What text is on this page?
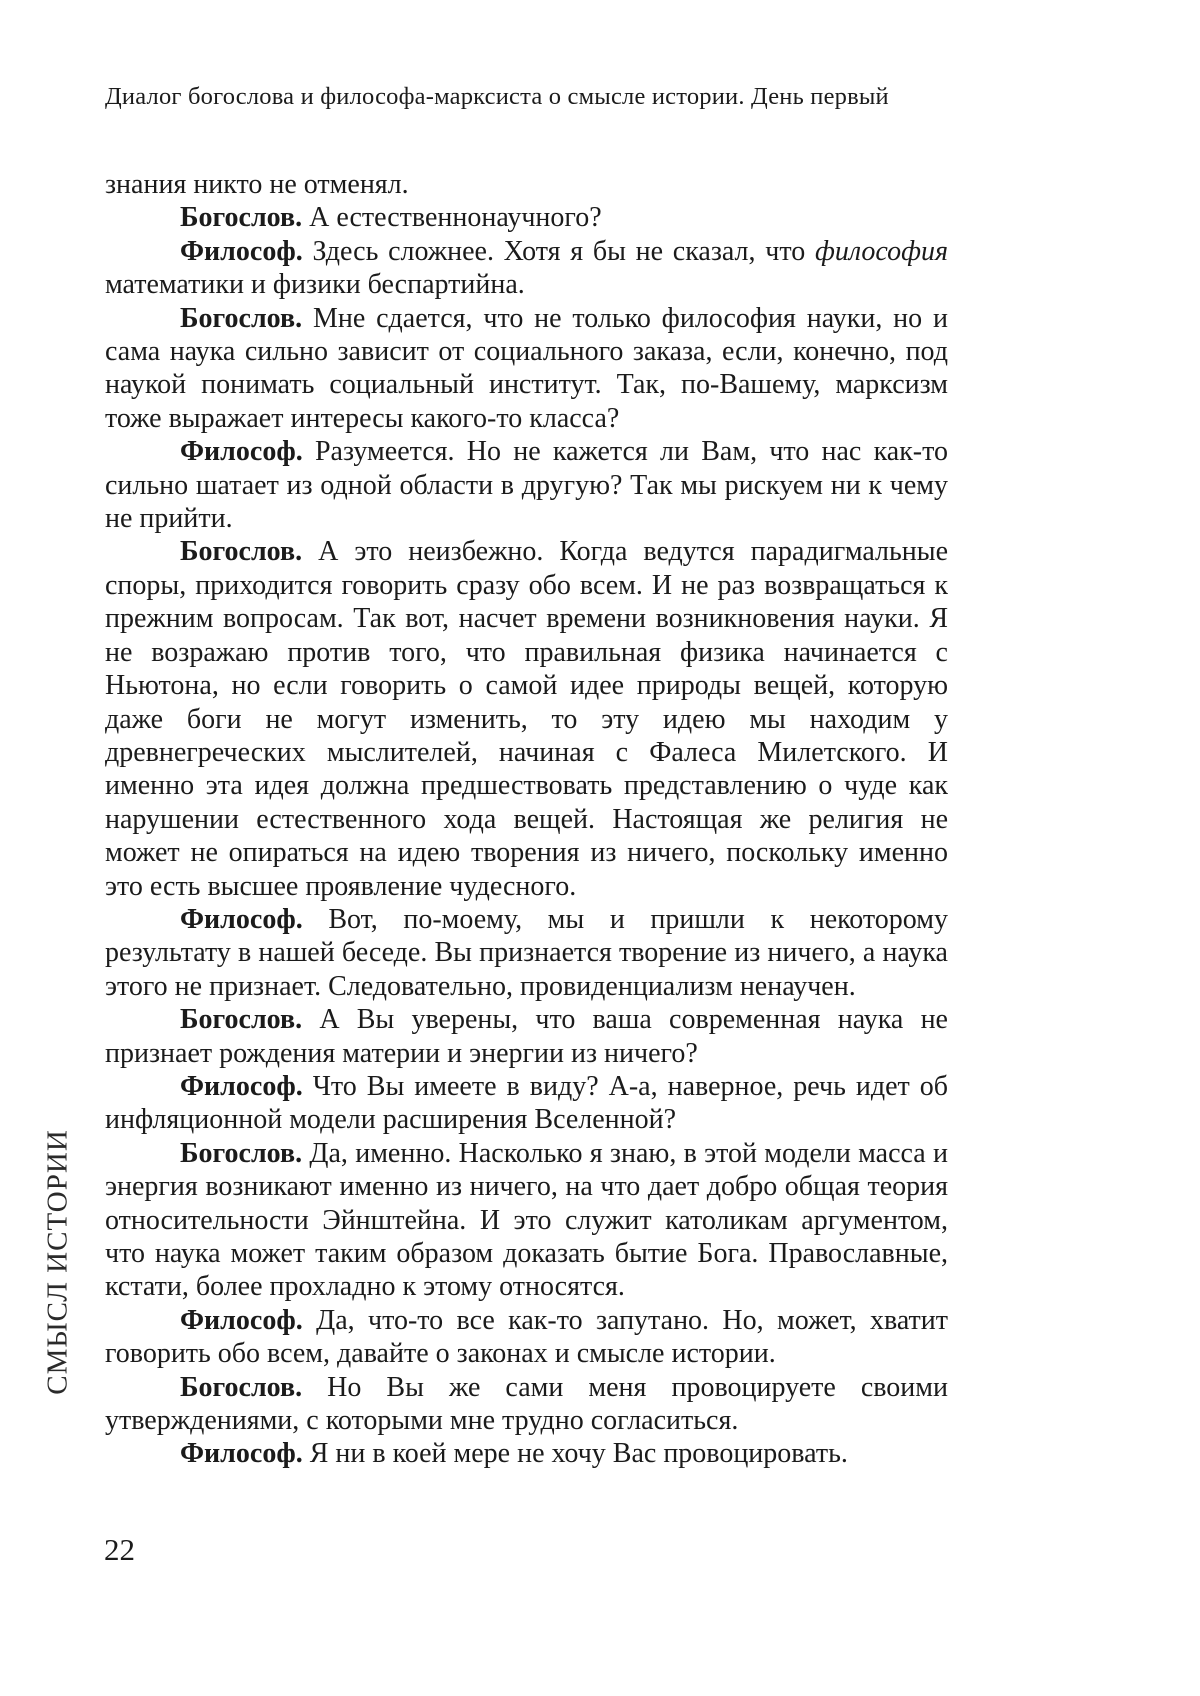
Диалог богослова и философа-марксиста о смысле истории. День первый
СМЫСЛ ИСТОРИИ

знания никто не отменял.

Богослов. А естественнонаучного?

Философ. Здесь сложнее. Хотя я бы не сказал, что философия математики и физики беспартийна.

Богослов. Мне сдается, что не только философия науки, но и сама наука сильно зависит от социального заказа, если, конечно, под наукой понимать социальный институт. Так, по-Вашему, марксизм тоже выражает интересы какого-то класса?

Философ. Разумеется. Но не кажется ли Вам, что нас как-то сильно шатает из одной области в другую? Так мы рискуем ни к чему не прийти.

Богослов. А это неизбежно. Когда ведутся парадигмальные споры, приходится говорить сразу обо всем. И не раз возвращаться к прежним вопросам. Так вот, насчет времени возникновения науки. Я не возражаю против того, что правильная физика начинается с Ньютона, но если говорить о самой идее природы вещей, которую даже боги не могут изменить, то эту идею мы находим у древнегреческих мыслителей, начиная с Фалеса Милетского. И именно эта идея должна предшествовать представлению о чуде как нарушении естественного хода вещей. Настоящая же религия не может не опираться на идею творения из ничего, поскольку именно это есть высшее проявление чудесного.

Философ. Вот, по-моему, мы и пришли к некоторому результату в нашей беседе. Вы признается творение из ничего, а наука этого не признает. Следовательно, провиденциализм ненаучен.

Богослов. А Вы уверены, что ваша современная наука не признает рождения материи и энергии из ничего?

Философ. Что Вы имеете в виду? А-а, наверное, речь идет об инфляционной модели расширения Вселенной?

Богослов. Да, именно. Насколько я знаю, в этой модели масса и энергия возникают именно из ничего, на что дает добро общая теория относительности Эйнштейна. И это служит католикам аргументом, что наука может таким образом доказать бытие Бога. Православные, кстати, более прохладно к этому относятся.

Философ. Да, что-то все как-то запутано. Но, может, хватит говорить обо всем, давайте о законах и смысле истории.

Богослов. Но Вы же сами меня провоцируете своими утверждениями, с которыми мне трудно согласиться.

Философ. Я ни в коей мере не хочу Вас провоцировать.

22
